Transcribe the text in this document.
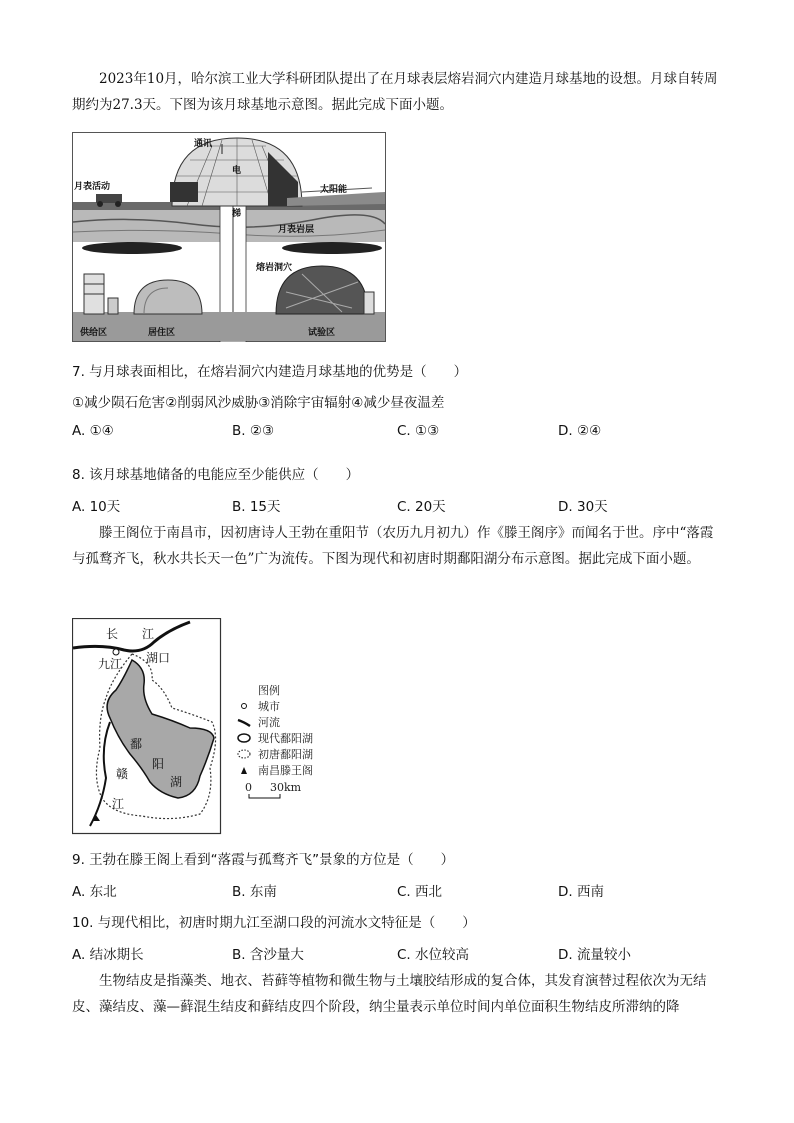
2023年10月，哈尔滨工业大学科研团队提出了在月球表层熔岩洞穴内建造月球基地的设想。月球自转周期约为27.3天。下图为该月球基地示意图。据此完成下面小题。
通讯
月表活动
电
梯
太阳能
月表岩层
熔岩洞穴
供给区	居住区	试验区
7. 与月球表面相比，在熔岩洞穴内建造月球基地的优势是（　　）
①减少陨石危害②削弱风沙威胁③消除宇宙辐射④减少昼夜温差
A. ①④	B. ②③	C. ①③	D. ②④
8. 该月球基地储备的电能应至少能供应（　　）
A. 10天	B. 15天	C. 20天	D. 30天
滕王阁位于南昌市，因初唐诗人王勃在重阳节（农历九月初九）作《滕王阁序》而闻名于世。序中“落霞与孤鹜齐飞，秋水共长天一色”广为流传。下图为现代和初唐时期鄱阳湖分布示意图。据此完成下面小题。
长 江
九江 湖口
鄱
阳
湖
赣
江
图例
城市
河流
现代鄱阳湖
初唐鄱阳湖
南昌滕王阁
0 30km
9. 王勃在滕王阁上看到“落霞与孤鹜齐飞”景象的方位是（　　）
A. 东北	B. 东南	C. 西北	D. 西南
10. 与现代相比，初唐时期九江至湖口段的河流水文特征是（　　）
A. 结冰期长	B. 含沙量大	C. 水位较高	D. 流量较小
生物结皮是指藻类、地衣、苔藓等植物和微生物与土壤胶结形成的复合体，其发育演替过程依次为无结皮、藻结皮、藻—藓混生结皮和藓结皮四个阶段，纳尘量表示单位时间内单位面积生物结皮所滞纳的降
